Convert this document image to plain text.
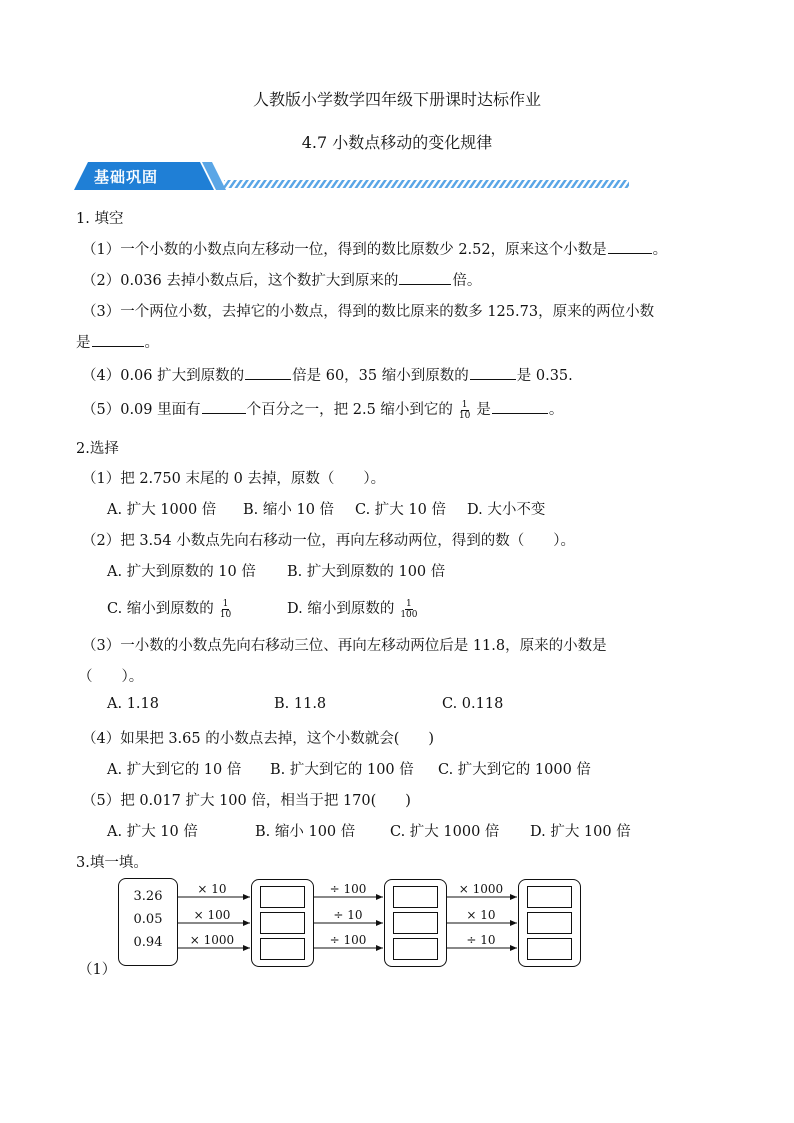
人教版小学数学四年级下册课时达标作业
4.7 小数点移动的变化规律
基础巩固
1. 填空
（1）一个小数的小数点向左移动一位，得到的数比原数少 2.52，原来这个小数是	。
（2）0.036 去掉小数点后，这个数扩大到原来的	倍。
（3）一个两位小数，去掉它的小数点，得到的数比原来的数多 125.73，原来的两位小数
是	。
（4）0.06 扩大到原数的	倍是 60，35 缩小到原数的	是 0.35.
（5）0.09 里面有	个百分之一，把 2.5 缩小到它的 $\frac{1}{10}$ 是	。
2.选择
（1）把 2.750 末尾的 0 去掉，原数（　　）。
A. 扩大 1000 倍 B. 缩小 10 倍 C. 扩大 10 倍 D. 大小不变
（2）把 3.54 小数点先向右移动一位，再向左移动两位，得到的数（　　）。
A. 扩大到原数的 10 倍 B. 扩大到原数的 100 倍
C. 缩小到原数的 $\frac{1}{10}$	D. 缩小到原数的 $\frac{1}{100}$
（3）一小数的小数点先向右移动三位、再向左移动两位后是 11.8，原来的小数是
（　　）。
A. 1.18	B. 11.8	C. 0.118
（4）如果把 3.65 的小数点去掉，这个小数就会(　　)
A. 扩大到它的 10 倍 B. 扩大到它的 100 倍 C. 扩大到它的 1000 倍
（5）把 0.017 扩大 100 倍，相当于把 170(　　)
A. 扩大 10 倍	B. 缩小 100 倍 C. 扩大 1000 倍 D. 扩大 100 倍
3.填一填。
（1）
3.26
0.05
0.94
× 10
× 100
× 1000
÷ 100
÷ 10
÷ 100
× 1000
× 10
÷ 10
